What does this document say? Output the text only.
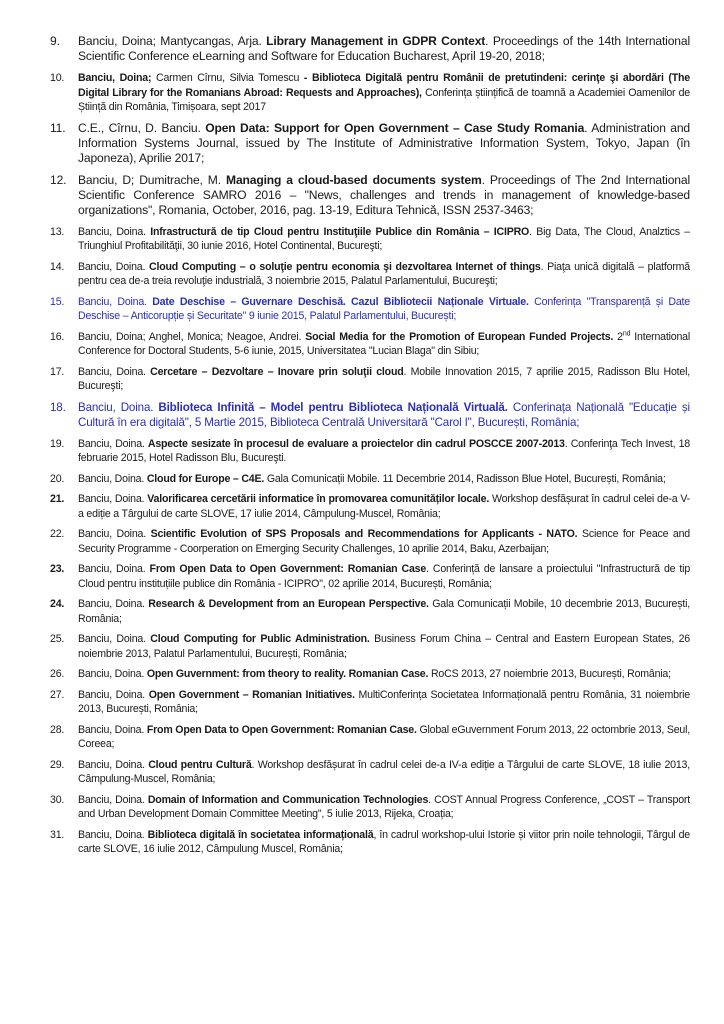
9. Banciu, Doina; Mantycangas, Arja. Library Management in GDPR Context. Proceedings of the 14th International Scientific Conference eLearning and Software for Education Bucharest, April 19-20, 2018;
10. Banciu, Doina; Carmen Cîrnu, Silvia Tomescu - Biblioteca Digitală pentru Românii de pretutindeni: cerinţe şi abordări (The Digital Library for the Romanians Abroad: Requests and Approaches), Conferința științifică de toamnă a Academiei Oamenilor de Știință din România, Timișoara, sept 2017
11. C.E., Cîrnu, D. Banciu. Open Data: Support for Open Government – Case Study Romania. Administration and Information Systems Journal, issued by The Institute of Administrative Information System, Tokyo, Japan (în Japoneza), Aprilie 2017;
12. Banciu, D; Dumitrache, M. Managing a cloud-based documents system. Proceedings of The 2nd International Scientific Conference SAMRO 2016 – "News, challenges and trends in management of knowledge-based organizations", Romania, October, 2016, pag. 13-19, Editura Tehnică, ISSN 2537-3463;
13. Banciu, Doina. Infrastructură de tip Cloud pentru Instituţiile Publice din România – ICIPRO. Big Data, The Cloud, Analztics – Triunghiul Profitabilităţii, 30 iunie 2016, Hotel Continental, Bucureşti;
14. Banciu, Doina. Cloud Computing – o soluţie pentru economia şi dezvoltarea Internet of things. Piaţa unică digitală – platformă pentru cea de-a treia revoluţie industrială, 3 noiembrie 2015, Palatul Parlamentului, Bucureşti;
15. Banciu, Doina. Date Deschise – Guvernare Deschisă. Cazul Bibliotecii Naționale Virtuale. Conferința "Transparență și Date Deschise – Anticorupție și Securitate" 9 iunie 2015, Palatul Parlamentului, București;
16. Banciu, Doina; Anghel, Monica; Neagoe, Andrei. Social Media for the Promotion of European Funded Projects. 2nd International Conference for Doctoral Students, 5-6 iunie, 2015, Universitatea "Lucian Blaga" din Sibiu;
17. Banciu, Doina. Cercetare – Dezvoltare – Inovare prin soluţii cloud. Mobile Innovation 2015, 7 aprilie 2015, Radisson Blu Hotel, Bucureşti;
18. Banciu, Doina. Biblioteca Infinită – Model pentru Biblioteca Națională Virtuală. Conferinața Națională "Educație și Cultură în era digitală", 5 Martie 2015, Biblioteca Centrală Universitară "Carol I", București, România;
19. Banciu, Doina. Aspecte sesizate în procesul de evaluare a proiectelor din cadrul POSCCE 2007-2013. Conferinţa Tech Invest, 18 februarie 2015, Hotel Radisson Blu, Bucureşti.
20. Banciu, Doina. Cloud for Europe – C4E. Gala Comunicații Mobile. 11 Decembrie 2014, Radisson Blue Hotel, București, România;
21. Banciu, Doina. Valorificarea cercetării informatice în promovarea comunităților locale. Workshop desfășurat în cadrul celei de-a V-a ediție a Târgului de carte SLOVE, 17 iulie 2014, Câmpulung-Muscel, România;
22. Banciu, Doina. Scientific Evolution of SPS Proposals and Recommendations for Applicants - NATO. Science for Peace and Security Programme - Coorperation on Emerging Security Challenges, 10 aprilie 2014, Baku, Azerbaijan;
23. Banciu, Doina. From Open Data to Open Government: Romanian Case. Conferință de lansare a proiectului "Infrastructură de tip Cloud pentru instituțiile publice din România - ICIPRO", 02 aprilie 2014, București, România;
24. Banciu, Doina. Research & Development from an European Perspective. Gala Comunicații Mobile, 10 decembrie 2013, București, România;
25. Banciu, Doina. Cloud Computing for Public Administration. Business Forum China – Central and Eastern European States, 26 noiembrie 2013, Palatul Parlamentului, București, România;
26. Banciu, Doina. Open Guvernment: from theory to reality. Romanian Case. RoCS 2013, 27 noiembrie 2013, București, România;
27. Banciu, Doina. Open Government – Romanian Initiatives. MultiConferința Societatea Informațională pentru România, 31 noiembrie 2013, București, România;
28. Banciu, Doina. From Open Data to Open Government: Romanian Case. Global eGuvernment Forum 2013, 22 octombrie 2013, Seul, Coreea;
29. Banciu, Doina. Cloud pentru Cultură. Workshop desfășurat în cadrul celei de-a IV-a ediție a Târgului de carte SLOVE, 18 iulie 2013, Câmpulung-Muscel, România;
30. Banciu, Doina. Domain of Information and Communication Technologies. COST Annual Progress Conference, „COST – Transport and Urban Development Domain Committee Meeting", 5 iulie 2013, Rijeka, Croația;
31. Banciu, Doina. Biblioteca digitală în societatea informațională, în cadrul workshop-ului Istorie și viitor prin noile tehnologii, Târgul de carte SLOVE, 16 iulie 2012, Câmpulung Muscel, România;
